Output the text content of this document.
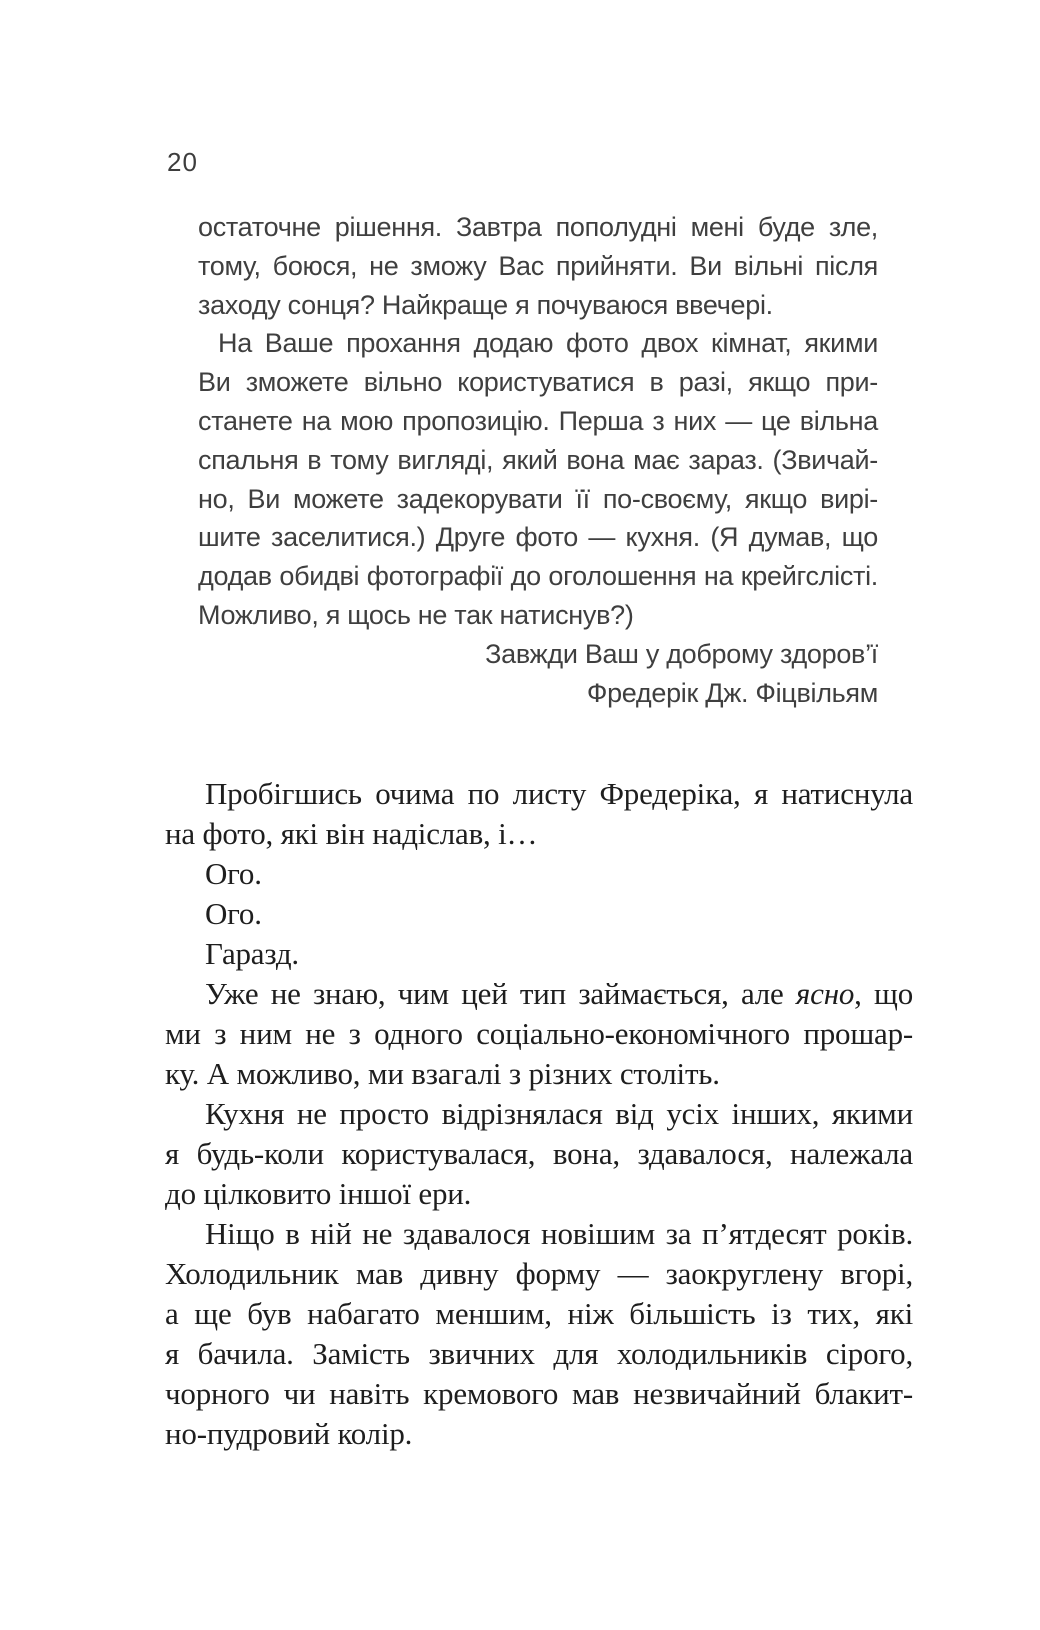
20
остаточне рішення. Завтра пополудні мені буде зле,
тому, боюся, не зможу Вас прийняти. Ви вільні після
заходу сонця? Найкраще я почуваюся ввечері.
На Ваше прохання додаю фото двох кімнат, якими
Ви зможете вільно користуватися в разі, якщо при-
станете на мою пропозицію. Перша з них — це вільна
спальня в тому вигляді, який вона має зараз. (Звичай-
но, Ви можете задекорувати її по-своєму, якщо вирі-
шите заселитися.) Друге фото — кухня. (Я думав, що
додав обидві фотографії до оголошення на крейгслісті.
Можливо, я щось не так натиснув?)
Завжди Ваш у доброму здоров’ї
Фредерік Дж. Фіцвільям
Пробігшись очима по листу Фредеріка, я натиснула
на фото, які він надіслав, і…
Ого.
Ого.
Гаразд.
Уже не знаю, чим цей тип займається, але ясно, що
ми з ним не з одного соціально-економічного прошар-
ку. А можливо, ми взагалі з різних століть.
Кухня не просто відрізнялася від усіх інших, якими
я будь-коли користувалася, вона, здавалося, належала
до цілковито іншої ери.
Ніщо в ній не здавалося новішим за п’ятдесят років.
Холодильник мав дивну форму — заокруглену вгорі,
а ще був набагато меншим, ніж більшість із тих, які
я бачила. Замість звичних для холодильників сірого,
чорного чи навіть кремового мав незвичайний блакит-
но-пудровий колір.
